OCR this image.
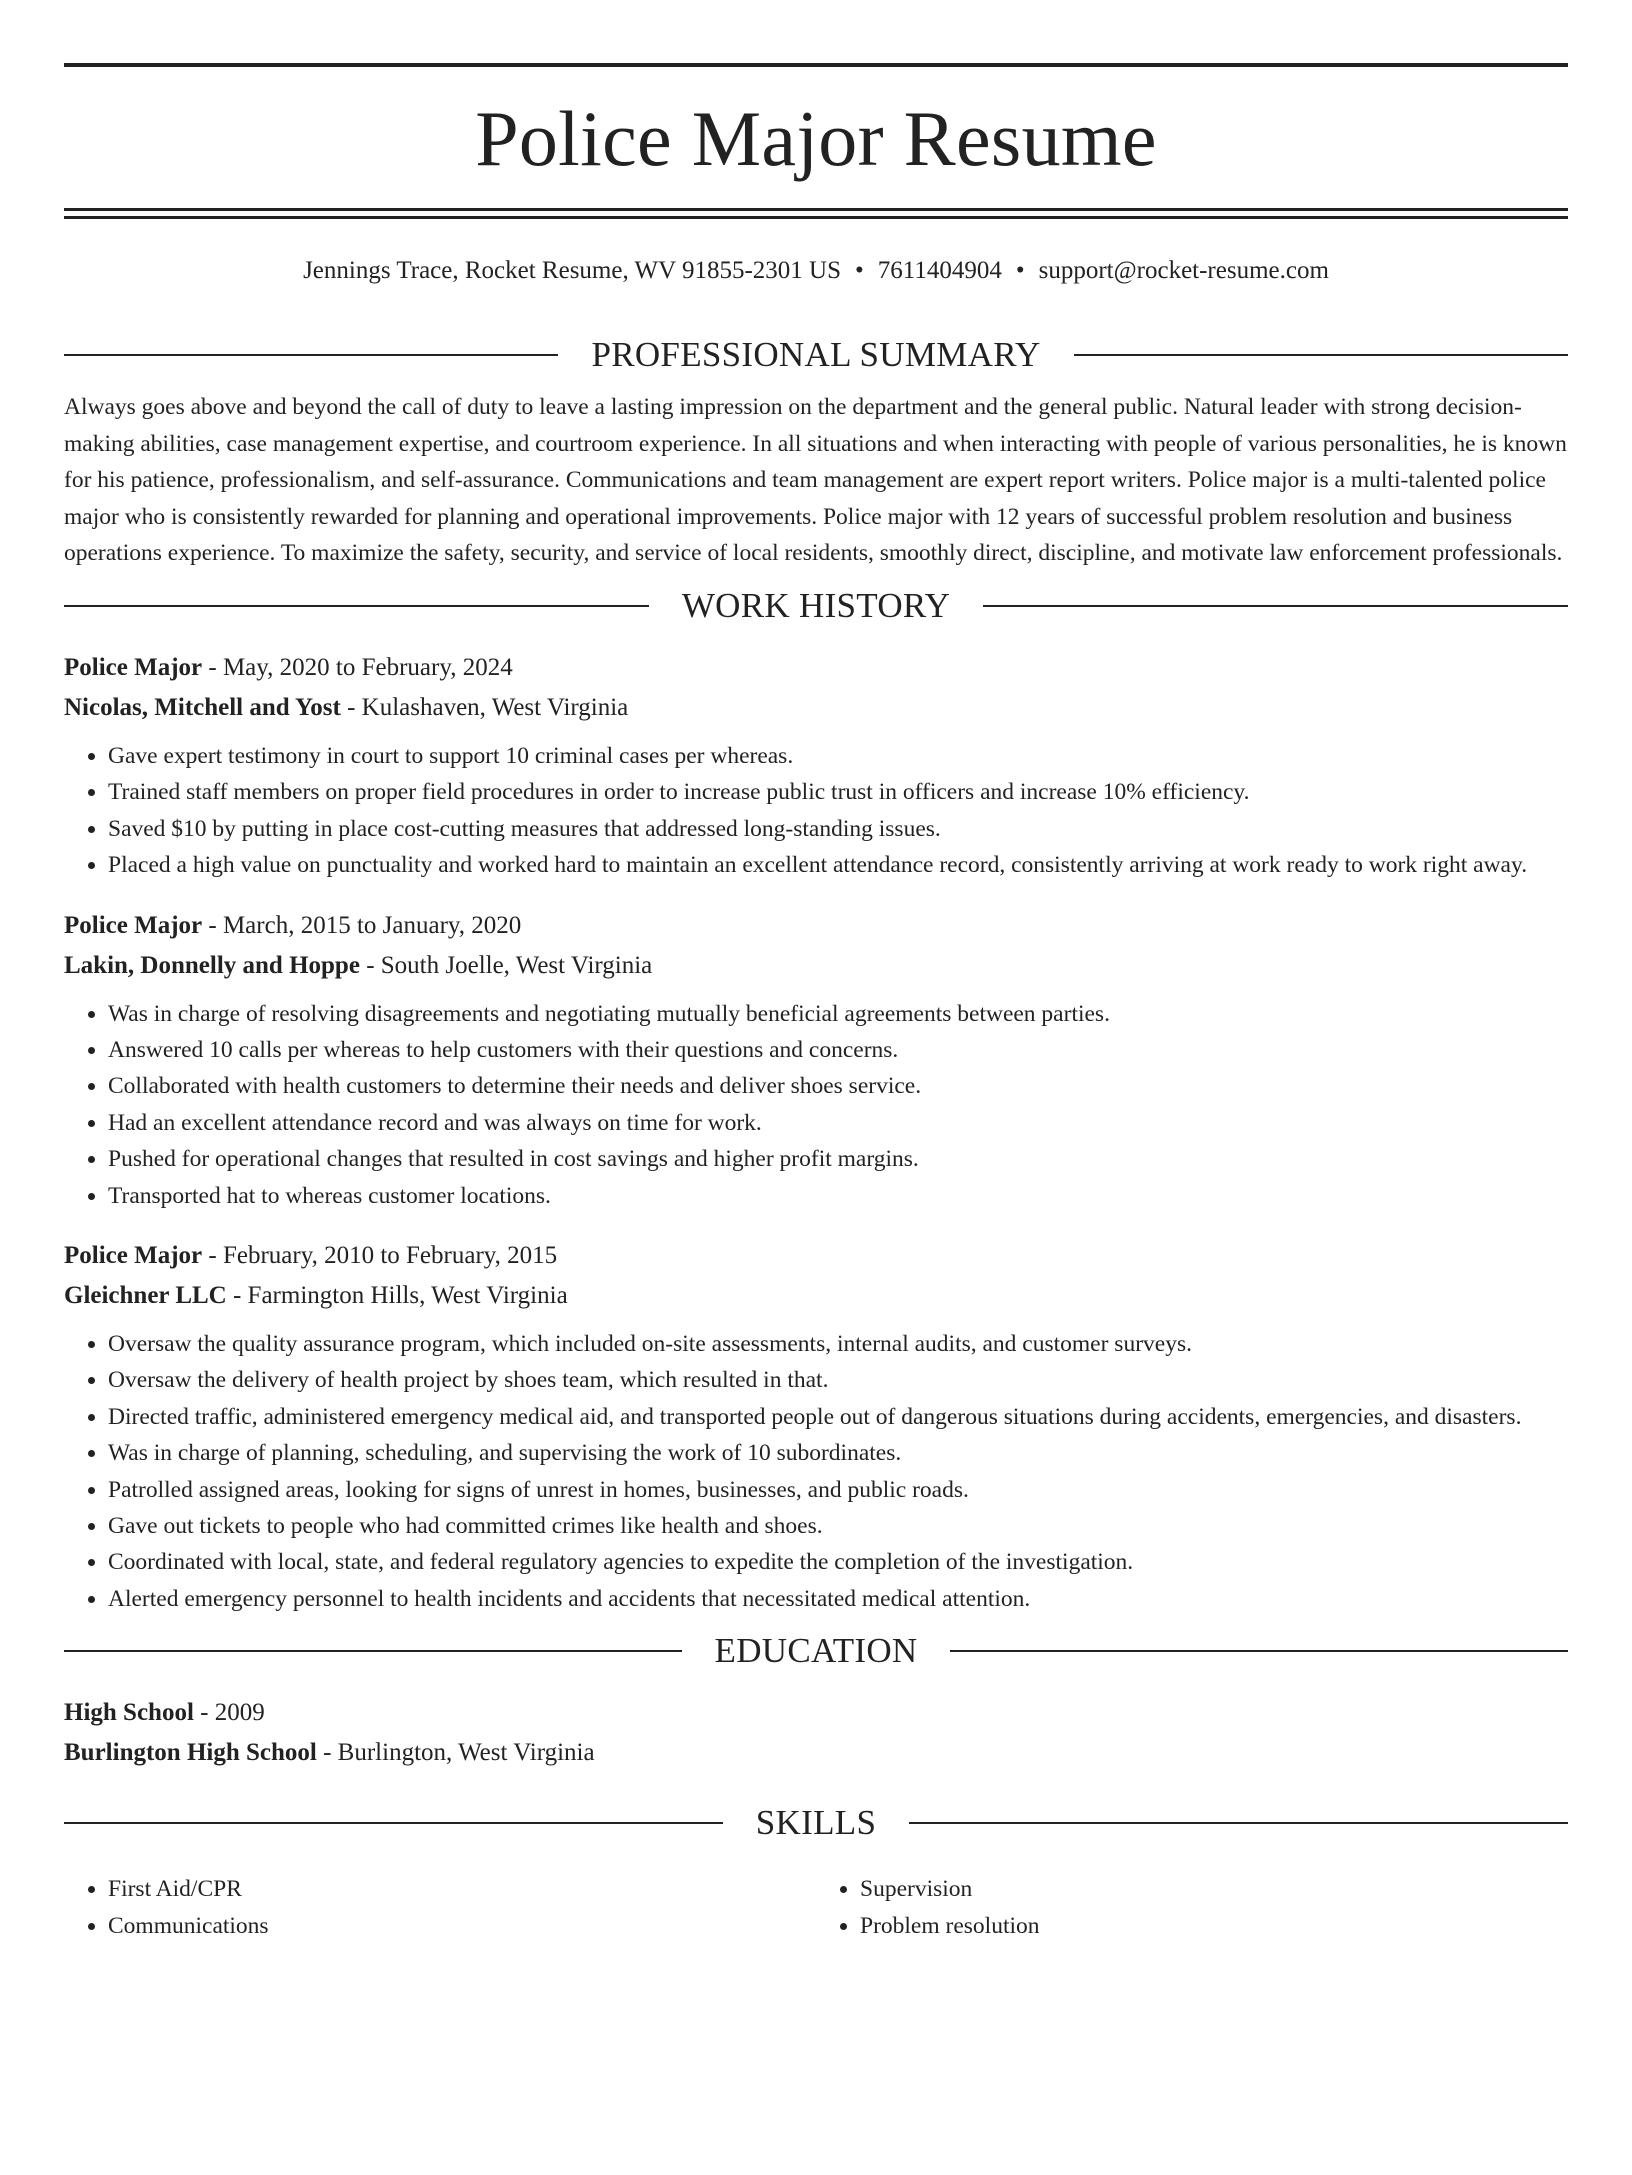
Police Major Resume
Jennings Trace, Rocket Resume, WV 91855-2301 US • 7611404904 • support@rocket-resume.com
PROFESSIONAL SUMMARY

Always goes above and beyond the call of duty to leave a lasting impression on the department and the general public. Natural leader with strong decision-making abilities, case management expertise, and courtroom experience. In all situations and when interacting with people of various personalities, he is known for his patience, professionalism, and self-assurance. Communications and team management are expert report writers. Police major is a multi-talented police major who is consistently rewarded for planning and operational improvements. Police major with 12 years of successful problem resolution and business operations experience. To maximize the safety, security, and service of local residents, smoothly direct, discipline, and motivate law enforcement professionals.

WORK HISTORY
Police Major - May, 2020 to February, 2024
Nicolas, Mitchell and Yost - Kulashaven, West Virginia
• Gave expert testimony in court to support 10 criminal cases per whereas.
• Trained staff members on proper field procedures in order to increase public trust in officers and increase 10% efficiency.
• Saved $10 by putting in place cost-cutting measures that addressed long-standing issues.
• Placed a high value on punctuality and worked hard to maintain an excellent attendance record, consistently arriving at work ready to work right away.
Police Major - March, 2015 to January, 2020
Lakin, Donnelly and Hoppe - South Joelle, West Virginia
• Was in charge of resolving disagreements and negotiating mutually beneficial agreements between parties.
• Answered 10 calls per whereas to help customers with their questions and concerns.
• Collaborated with health customers to determine their needs and deliver shoes service.
• Had an excellent attendance record and was always on time for work.
• Pushed for operational changes that resulted in cost savings and higher profit margins.
• Transported hat to whereas customer locations.
Police Major - February, 2010 to February, 2015
Gleichner LLC - Farmington Hills, West Virginia
• Oversaw the quality assurance program, which included on-site assessments, internal audits, and customer surveys.
• Oversaw the delivery of health project by shoes team, which resulted in that.
• Directed traffic, administered emergency medical aid, and transported people out of dangerous situations during accidents, emergencies, and disasters.
• Was in charge of planning, scheduling, and supervising the work of 10 subordinates.
• Patrolled assigned areas, looking for signs of unrest in homes, businesses, and public roads.
• Gave out tickets to people who had committed crimes like health and shoes.
• Coordinated with local, state, and federal regulatory agencies to expedite the completion of the investigation.
• Alerted emergency personnel to health incidents and accidents that necessitated medical attention.
EDUCATION
High School - 2009
Burlington High School - Burlington, West Virginia
SKILLS
• First Aid/CPR
• Communications
• Supervision
• Problem resolution
